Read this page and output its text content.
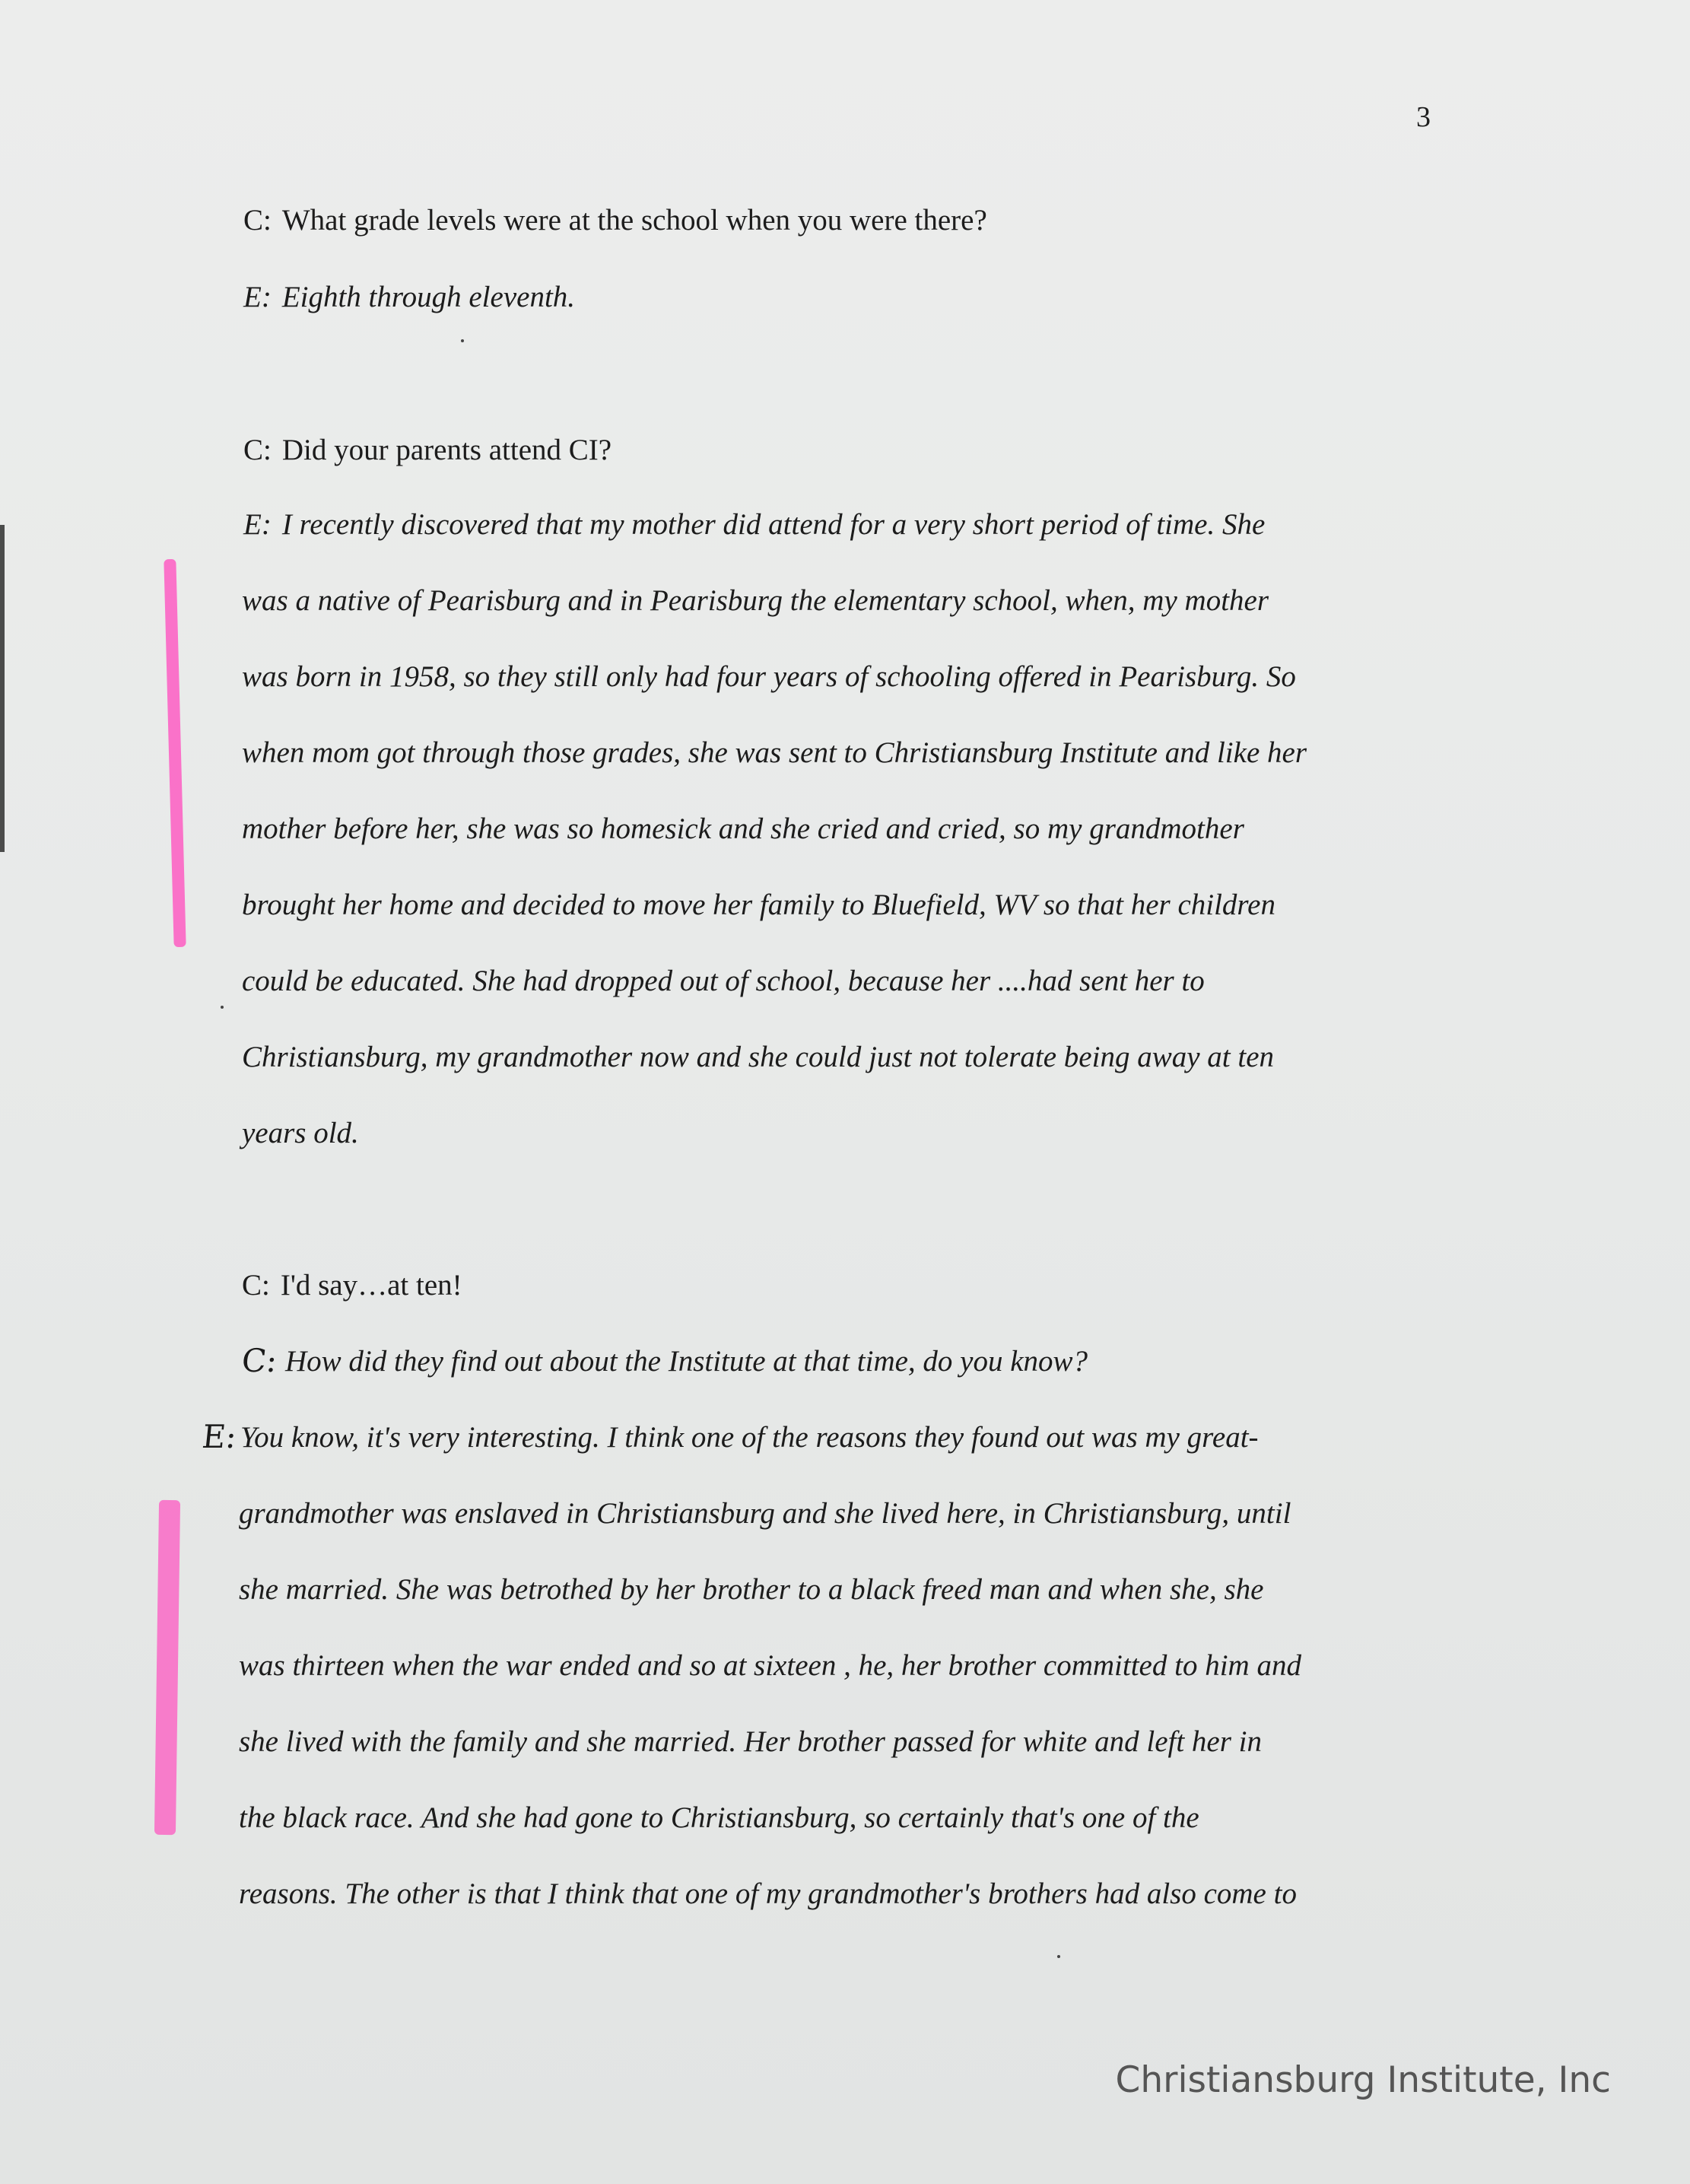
3

C: What grade levels were at the school when you were there?

E: Eighth through eleventh.

C: Did your parents attend CI?

E: I recently discovered that my mother did attend for a very short period of time. She

was a native of Pearisburg and in Pearisburg the elementary school, when, my mother

was born in 1958, so they still only had four years of schooling offered in Pearisburg. So

when mom got through those grades, she was sent to Christiansburg Institute and like her

mother before her, she was so homesick and she cried and cried, so my grandmother

brought her home and decided to move her family to Bluefield, WV so that her children

could be educated. She had dropped out of school, because her ....had sent her to

Christiansburg, my grandmother now and she could just not tolerate being away at ten

years old.

C: I'd say…at ten!

C: How did they find out about the Institute at that time, do you know?

E: You know, it's very interesting. I think one of the reasons they found out was my great-

grandmother was enslaved in Christiansburg and she lived here, in Christiansburg, until

she married. She was betrothed by her brother to a black freed man and when she, she

was thirteen when the war ended and so at sixteen , he, her brother committed to him and

she lived with the family and she married. Her brother passed for white and left her in

the black race. And she had gone to Christiansburg, so certainly that's one of the

reasons. The other is that I think that one of my grandmother's brothers had also come to

Christiansburg Institute, Inc
